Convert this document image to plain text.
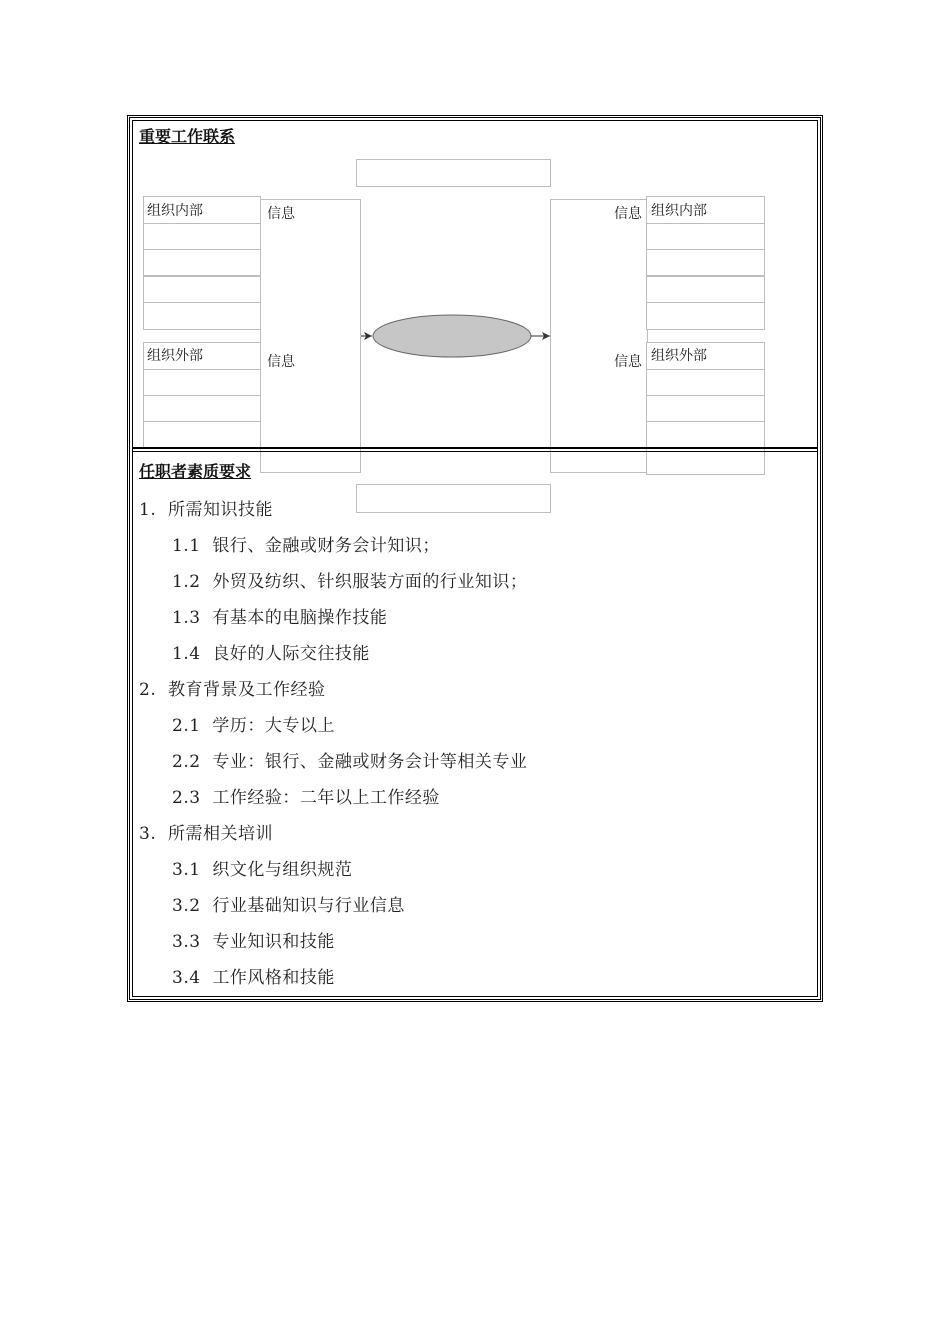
重要工作联系
组织内部
组织外部
组织内部
组织外部
信息
信息
信息
信息
任职者素质要求
1. 所需知识技能
1.1 银行、金融或财务会计知识；
1.2 外贸及纺织、针织服装方面的行业知识；
1.3 有基本的电脑操作技能
1.4 良好的人际交往技能
2. 教育背景及工作经验
2.1 学历：大专以上
2.2 专业：银行、金融或财务会计等相关专业
2.3 工作经验：二年以上工作经验
3. 所需相关培训
3.1 织文化与组织规范
3.2 行业基础知识与行业信息
3.3 专业知识和技能
3.4 工作风格和技能
